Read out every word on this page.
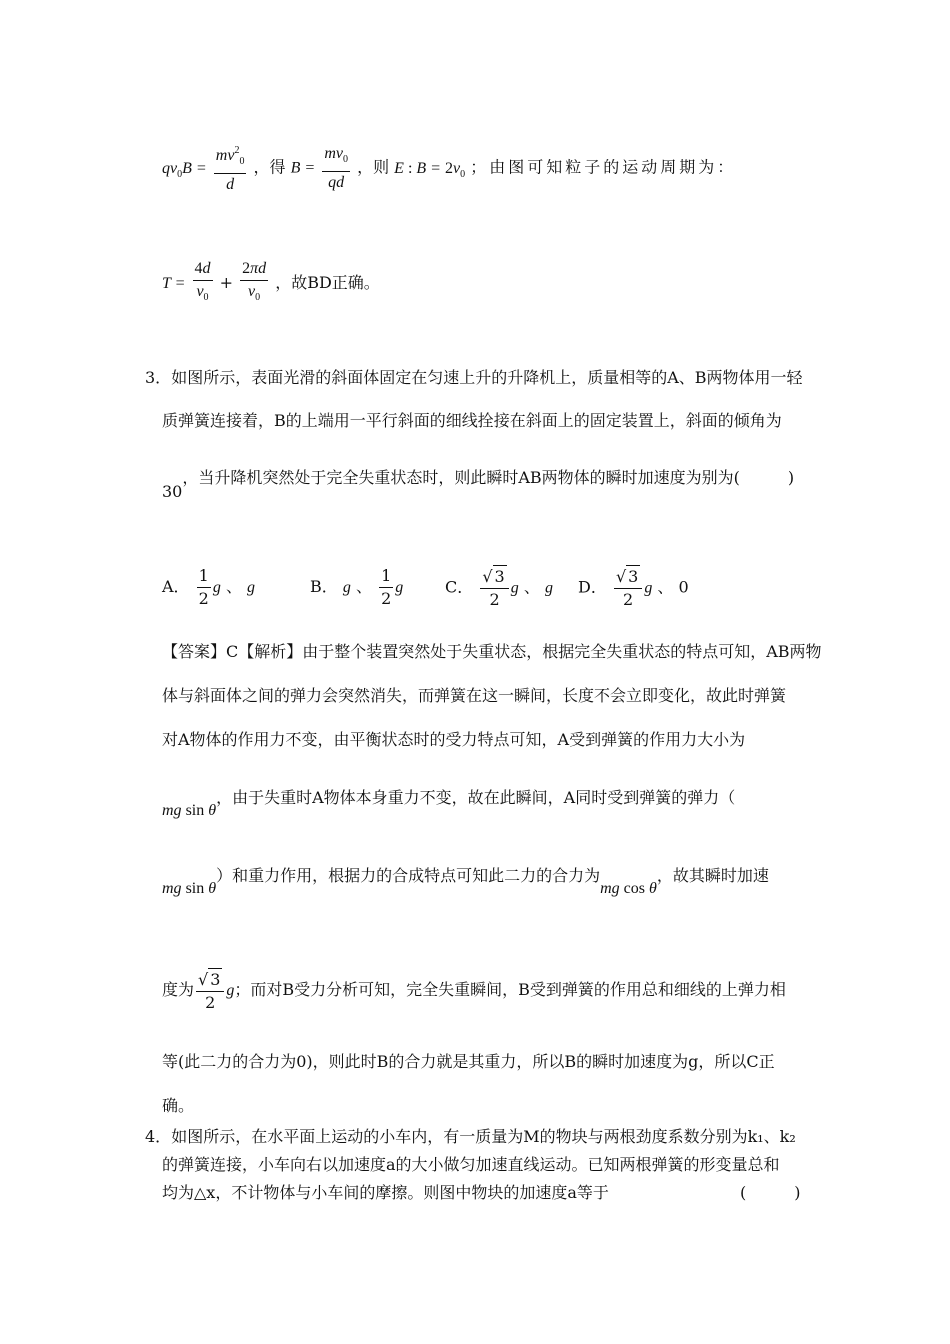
$qv_0B = \frac{mv^2_0}{d}$ ，得 $B = \frac{mv_0}{qd}$ ，则 E : $B = 2v_0$ ；由图可知粒子的运动周期为：
$T = \frac{4d}{v_0} + \frac{2\pi d}{v_0}$ ，故BD正确。
3．如图所示，表面光滑的斜面体固定在匀速上升的升降机上，质量相等的A、B两物体用一轻
质弹簧连接着，B的上端用一平行斜面的细线拴接在斜面上的固定装置上，斜面的倾角为
30，当升降机突然处于完全失重状态时，则此瞬时AB两物体的瞬时加速度为别为(　　　)
A． $\frac{1}{2}$ g 、 g	B． g 、 $\frac{1}{2}$ g	C． $\frac{√ 3}{2}$ g 、 g D． $\frac{√ 3}{2}$ g 、 0
【答案】C【解析】由于整个装置突然处于失重状态，根据完全失重状态的特点可知，AB两物
体与斜面体之间的弹力会突然消失，而弹簧在这一瞬间，长度不会立即变化，故此时弹簧
对A物体的作用力不变，由平衡状态时的受力特点可知，A受到弹簧的作用力大小为
mg sin θ，由于失重时A物体本身重力不变，故在此瞬间，A同时受到弹簧的弹力（
mg sin θ）和重力作用，根据力的合成特点可知此二力的合力为mg cos θ，故其瞬时加速
度为 $\frac{√ 3}{2}$ g；而对B受力分析可知，完全失重瞬间，B受到弹簧的作用总和细线的上弹力相
等(此二力的合力为0)，则此时B的合力就是其重力，所以B的瞬时加速度为g，所以C正
确。
4．如图所示，在水平面上运动的小车内，有一质量为M的物块与两根劲度系数分别为k₁、k₂
的弹簧连接，小车向右以加速度a的大小做匀加速直线运动。已知两根弹簧的形变量总和
均为△x，不计物体与小车间的摩擦。则图中物块的加速度a等于	(　　　)
